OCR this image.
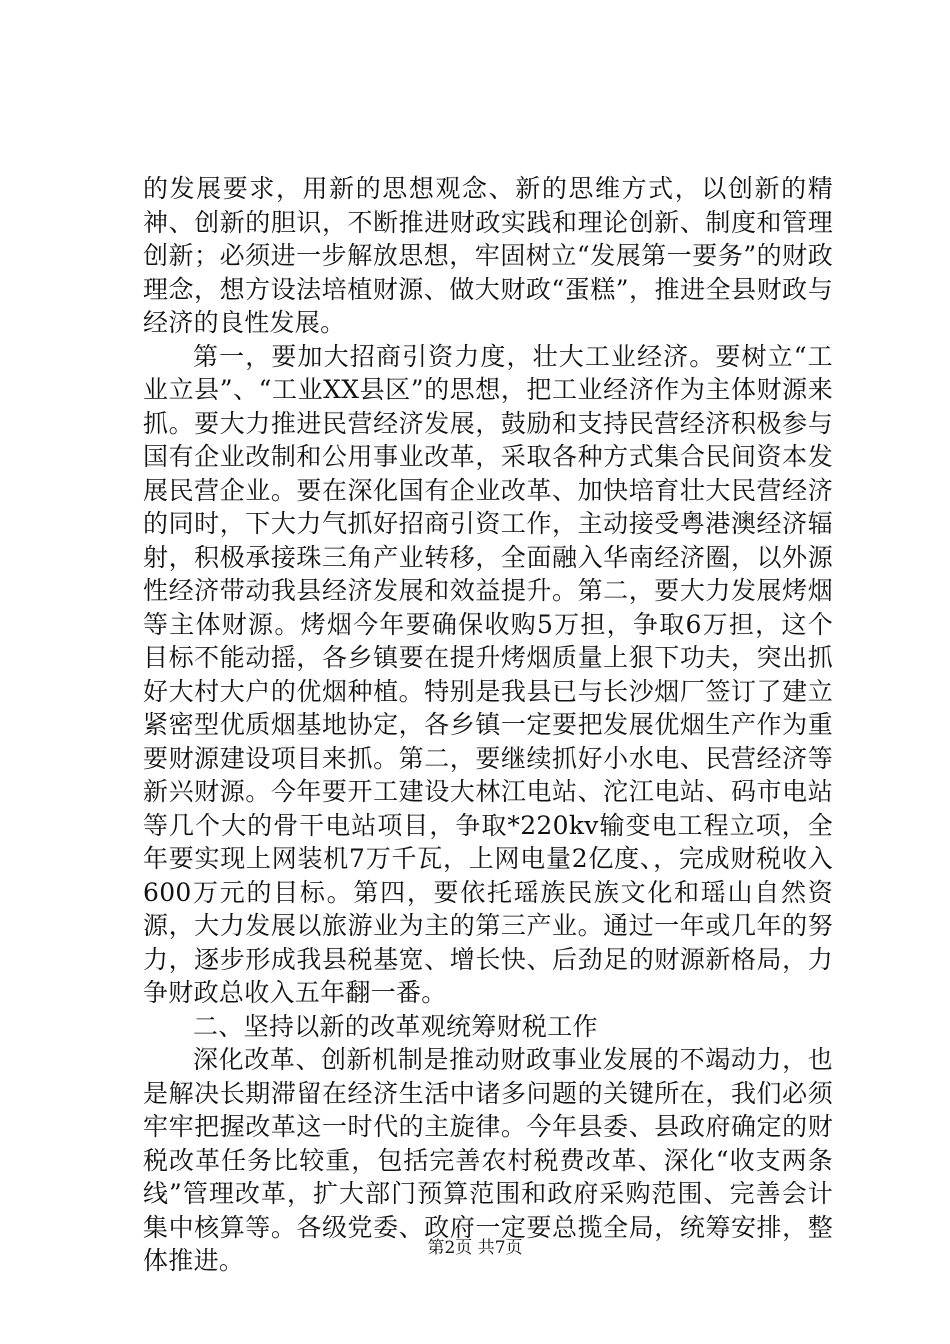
的发展要求，用新的思想观念、新的思维方式，以创新的精神、创新的胆识，不断推进财政实践和理论创新、制度和管理创新；必须进一步解放思想，牢固树立“发展第一要务”的财政理念，想方设法培植财源、做大财政“蛋糕”，推进全县财政与经济的良性发展。

第一，要加大招商引资力度，壮大工业经济。要树立“工业立县”、“工业XX县区”的思想，把工业经济作为主体财源来抓。要大力推进民营经济发展，鼓励和支持民营经济积极参与国有企业改制和公用事业改革，采取各种方式集合民间资本发展民营企业。要在深化国有企业改革、加快培育壮大民营经济的同时，下大力气抓好招商引资工作，主动接受粤港澳经济辐射，积极承接珠三角产业转移，全面融入华南经济圈，以外源性经济带动我县经济发展和效益提升。第二，要大力发展烤烟等主体财源。烤烟今年要确保收购5万担，争取6万担，这个目标不能动摇，各乡镇要在提升烤烟质量上狠下功夫，突出抓好大村大户的优烟种植。特别是我县已与长沙烟厂签订了建立紧密型优质烟基地协定，各乡镇一定要把发展优烟生产作为重要财源建设项目来抓。第二，要继续抓好小水电、民营经济等新兴财源。今年要开工建设大林江电站、沱江电站、码市电站等几个大的骨干电站项目，争取*220kv输变电工程立项，全年要实现上网装机7万千瓦，上网电量2亿度、，完成财税收入600万元的目标。第四，要依托瑶族民族文化和瑶山自然资源，大力发展以旅游业为主的第三产业。通过一年或几年的努力，逐步形成我县税基宽、增长快、后劲足的财源新格局，力争财政总收入五年翻一番。

二、坚持以新的改革观统筹财税工作

深化改革、创新机制是推动财政事业发展的不竭动力，也是解决长期滞留在经济生活中诸多问题的关键所在，我们必须牢牢把握改革这一时代的主旋律。今年县委、县政府确定的财税改革任务比较重，包括完善农村税费改革、深化“收支两条线”管理改革，扩大部门预算范围和政府采购范围、完善会计集中核算等。各级党委、政府一定要总揽全局，统筹安排，整体推进。	第2页 共7页
